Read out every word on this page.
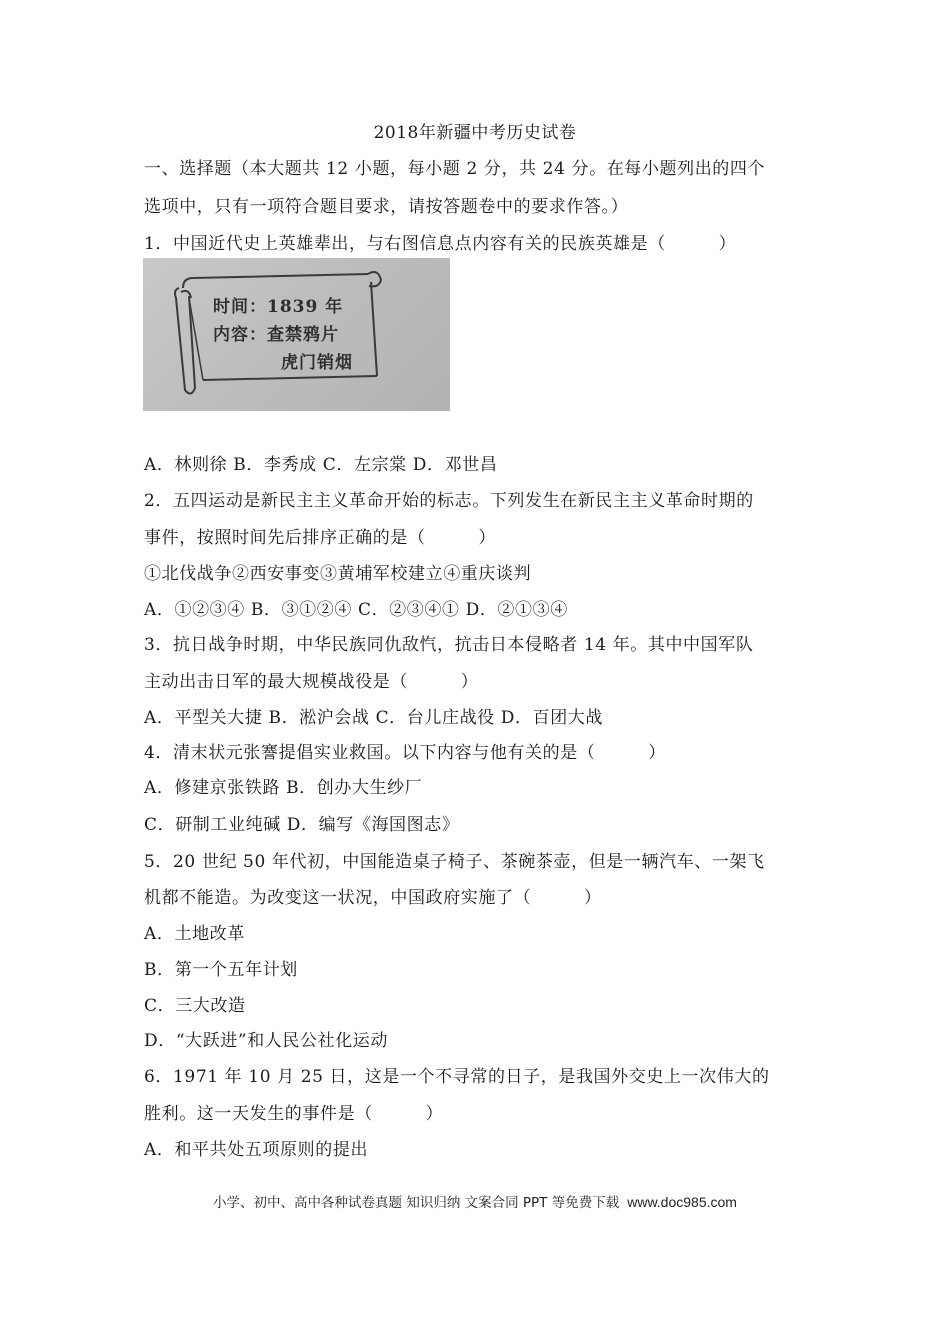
2018年新疆中考历史试卷
一、选择题（本大题共 12 小题，每小题 2 分，共 24 分。在每小题列出的四个
选项中，只有一项符合题目要求，请按答题卷中的要求作答。）
1．中国近代史上英雄辈出，与右图信息点内容有关的民族英雄是（　　　）
时间：1839 年
内容：查禁鸦片
虎门销烟
A．林则徐 B．李秀成 C．左宗棠 D．邓世昌
2．五四运动是新民主主义革命开始的标志。下列发生在新民主主义革命时期的
事件，按照时间先后排序正确的是（　　　）
①北伐战争②西安事变③黄埔军校建立④重庆谈判
A．①②③④ B．③①②④ C．②③④① D．②①③④
3．抗日战争时期，中华民族同仇敌忾，抗击日本侵略者 14 年。其中中国军队
主动出击日军的最大规模战役是（　　　）
A．平型关大捷 B．淞沪会战 C．台儿庄战役 D．百团大战
4．清末状元张謇提倡实业救国。以下内容与他有关的是（　　　）
A．修建京张铁路 B．创办大生纱厂
C．研制工业纯碱 D．编写《海国图志》
5．20 世纪 50 年代初，中国能造桌子椅子、茶碗茶壶，但是一辆汽车、一架飞
机都不能造。为改变这一状况，中国政府实施了（　　　）
A．土地改革
B．第一个五年计划
C．三大改造
D．“大跃进”和人民公社化运动
6．1971 年 10 月 25 日，这是一个不寻常的日子，是我国外交史上一次伟大的
胜利。这一天发生的事件是（　　　）
A．和平共处五项原则的提出
小学、初中、高中各种试卷真题 知识归纳 文案合同 PPT 等免费下载 www.doc985.com
